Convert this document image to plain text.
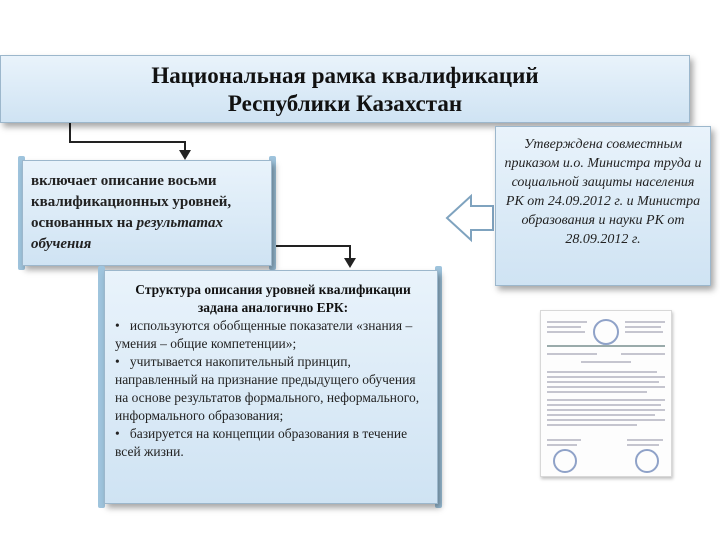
Национальная рамка квалификаций
Республики Казахстан
включает описание восьми квалификационных уровней, основанных на результатах обучения
Утверждена совместным приказом и.о. Министра труда и социальной защиты населения РК от 24.09.2012 г. и Министра образования и науки РК от 28.09.2012 г.
Структура описания уровней квалификации задана аналогично ЕРК:
• используются обобщенные показатели «знания – умения – общие компетенции»;
• учитывается накопительный принцип, направленный на признание предыдущего обучения на основе результатов формального, неформального, информального образования;
• базируется на концепции образования в течение всей жизни.
